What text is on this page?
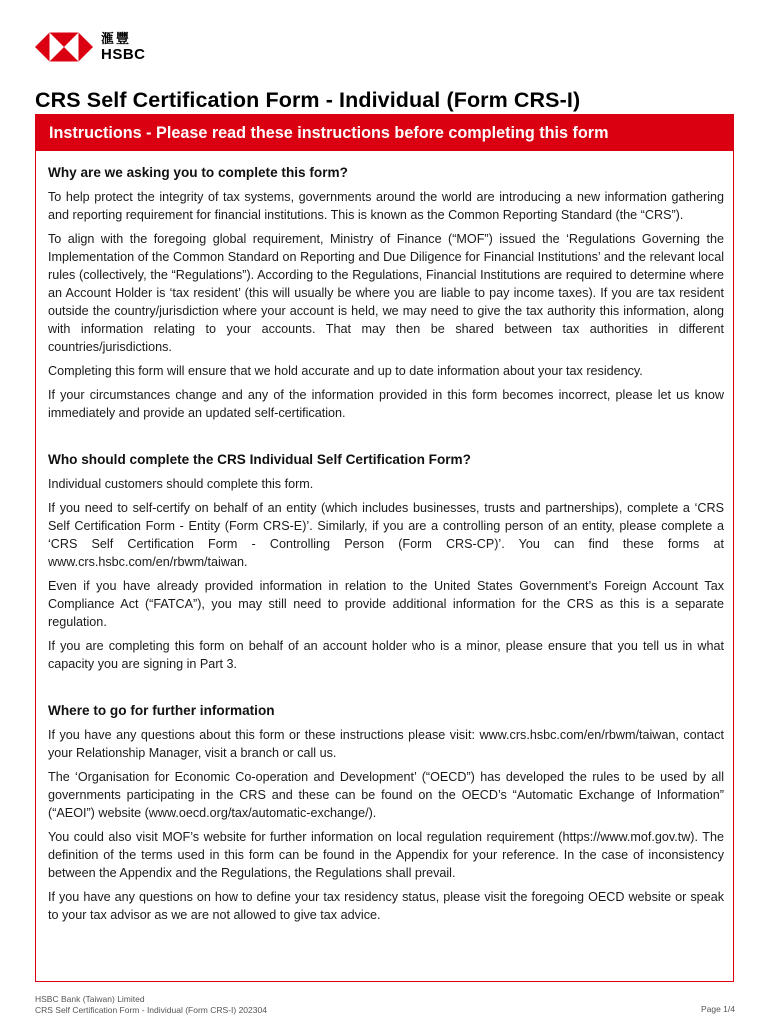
滙豐
HSBC
CRS Self Certification Form - Individual (Form CRS-I)
Instructions - Please read these instructions before completing this form
Why are we asking you to complete this form?

To help protect the integrity of tax systems, governments around the world are introducing a new information gathering and reporting requirement for financial institutions. This is known as the Common Reporting Standard (the “CRS”).

To align with the foregoing global requirement, Ministry of Finance (“MOF”) issued the ‘Regulations Governing the Implementation of the Common Standard on Reporting and Due Diligence for Financial Institutions’ and the relevant local rules (collectively, the “Regulations”). According to the Regulations, Financial Institutions are required to determine where an Account Holder is ‘tax resident’ (this will usually be where you are liable to pay income taxes). If you are tax resident outside the country/jurisdiction where your account is held, we may need to give the tax authority this information, along with information relating to your accounts. That may then be shared between tax authorities in different countries/jurisdictions.

Completing this form will ensure that we hold accurate and up to date information about your tax residency.

If your circumstances change and any of the information provided in this form becomes incorrect, please let us know immediately and provide an updated self-certification.

Who should complete the CRS Individual Self Certification Form?

Individual customers should complete this form.

If you need to self-certify on behalf of an entity (which includes businesses, trusts and partnerships), complete a ‘CRS Self Certification Form - Entity (Form CRS-E)’. Similarly, if you are a controlling person of an entity, please complete a ‘CRS Self Certification Form - Controlling Person (Form CRS-CP)’. You can find these forms at www.crs.hsbc.com/en/rbwm/taiwan.

Even if you have already provided information in relation to the United States Government’s Foreign Account Tax Compliance Act (“FATCA”), you may still need to provide additional information for the CRS as this is a separate regulation.

If you are completing this form on behalf of an account holder who is a minor, please ensure that you tell us in what capacity you are signing in Part 3.

Where to go for further information

If you have any questions about this form or these instructions please visit: www.crs.hsbc.com/en/rbwm/taiwan, contact your Relationship Manager, visit a branch or call us.

The ‘Organisation for Economic Co-operation and Development’ (“OECD”) has developed the rules to be used by all governments participating in the CRS and these can be found on the OECD’s “Automatic Exchange of Information” (“AEOI”) website (www.oecd.org/tax/automatic-exchange/).

You could also visit MOF’s website for further information on local regulation requirement (https://www.mof.gov.tw). The definition of the terms used in this form can be found in the Appendix for your reference. In the case of inconsistency between the Appendix and the Regulations, the Regulations shall prevail.

If you have any questions on how to define your tax residency status, please visit the foregoing OECD website or speak to your tax advisor as we are not allowed to give tax advice.

HSBC Bank (Taiwan) Limited
CRS Self Certification Form - Individual (Form CRS-I) 202304	Page 1/4
